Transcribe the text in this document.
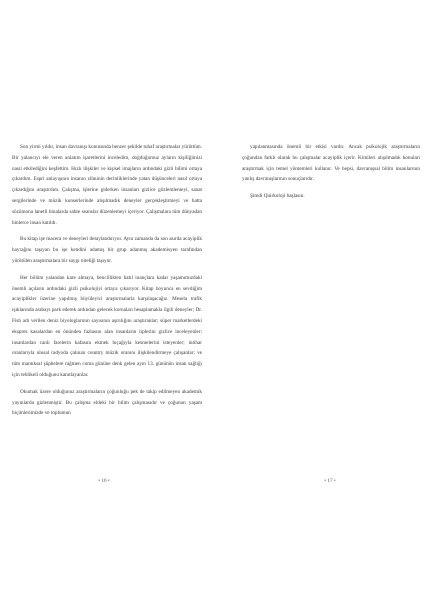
Son yirmi yıldır, insan davranışı konusunda benzer şekilde tuhaf araştırmalar yürüttüm. Bir yalancıyı ele veren anlatım işaretlerini inceledim, doğduğumuz ayların kişiliğimizi nasıl etkilediğini keşfettim. Hızlı ilişkiler ve kişisel imajların ardındaki gizli bilimi ortaya çıkardım. Espri anlayışının insanın zihninin derinliklerinde yatan düşünceleri nasıl ortaya çıkardığını araştırdım. Çalışma, işlerine giderken insanları gizlice gözlemlemeyi, sanat sergilerinde ve müzik konserlerinde alışılmadık deneyler gerçekleştirmeyi ve hatta sözümona lanetli binalarda sahte seanslar düzenlemeyi içeriyor. Çalışmalara tüm dünyadan binlerce insan katıldı.

Bu kitap işe macera ve deneyleri detaylandırıyor. Aynı zamanda da son asırda acayiplik bayrağını taşıyan bu işe kendini adamış bir grup adanmış akademisyen tarafından yürütülen araştırmalara bir saygı niteliği taşıyor.

Her bölüm yalandan kare almaya, bencillikten batıl inançlara kadar yaşamımızdaki önemli açıların ardındaki gizli psikolojiyi ortaya çıkarıyor. Kitap boyunca en sevdiğim acayiplikler üzerine yapılmış büyüleyici araştırmalarla karşılaşacağız. Mesela trafik ışıklarında arabayı park ederek ardından gelecek kornaları hesaplamakla ilgili deneyler; Dr. Fish adı verilen deniz biyologlarının sayısının aşırılığını araştıranlar; süper marketlerdeki ekspres kasalardan en önünden fazlasını alan insanların tiplerini gizlice inceleyenler; insanlardan canlı farelerin kafasını ekmek bıçağıyla kesmelerini isteyenler; intihar oranlarıyla ulusal radyoda çalınan country müzik oranını ilişkilendirmeye çalışanlar; ve tüm mantıksal şüphelere rağmen cuma gününe denk gelen ayın 13. gününün insan sağlığı için tehlikeli olduğunu kanıtlayanlar.

Okumak üzere olduğunuz araştırmaların çoğunluğu pek de takip edilmeyen akademik yayınlarda gizlenmiştir. Bu çalışma eldeki bir bilim çalışmasıdır ve çoğunun yaşam biçimlerimizde ve toplumun

• 16 •

yapılanmasında önemli bir etkisi vardır. Ancak psikolojik araştırmaların çoğundan farklı olarak bu çalışmalar acayiplik içerir. Kimileri alışılmadık konuları araştırmak için temel yöntemleri kullanır. Ve hepsi, davranışsal bilim insanlarının yanlış davranışlarının sonuçlarıdır.

Şimdi Quirkoloji başlasın.

• 17 •
